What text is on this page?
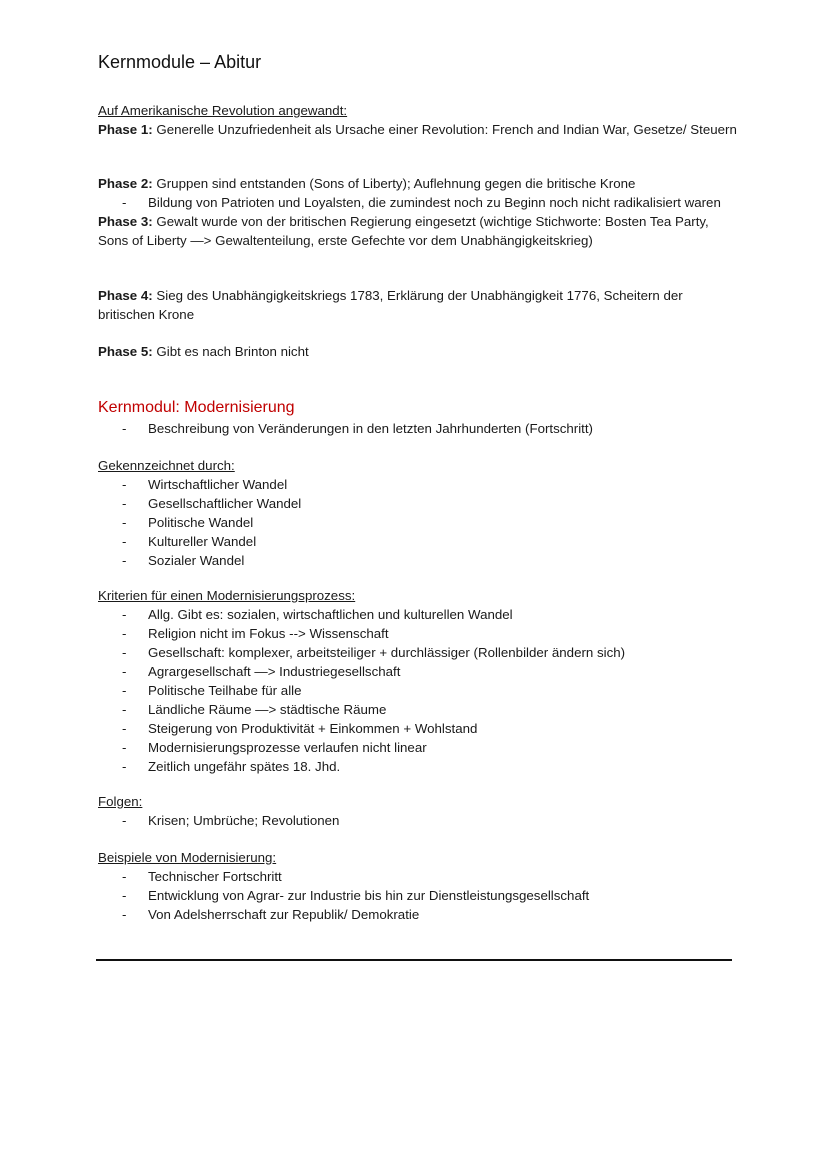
Kernmodule – Abitur
Auf Amerikanische Revolution angewandt:
Phase 1: Generelle Unzufriedenheit als Ursache einer Revolution: French and Indian War, Gesetze/ Steuern
Phase 2: Gruppen sind entstanden (Sons of Liberty); Auflehnung gegen die britische Krone
- Bildung von Patrioten und Loyalsten, die zumindest noch zu Beginn noch nicht radikalisiert waren
Phase 3: Gewalt wurde von der britischen Regierung eingesetzt (wichtige Stichworte: Bosten Tea Party, Sons of Liberty —> Gewaltenteilung, erste Gefechte vor dem Unabhängigkeitskrieg)
Phase 4: Sieg des Unabhängigkeitskriegs 1783, Erklärung der Unabhängigkeit 1776, Scheitern der britischen Krone
Phase 5: Gibt es nach Brinton nicht
Kernmodul: Modernisierung
- Beschreibung von Veränderungen in den letzten Jahrhunderten (Fortschritt)
Gekennzeichnet durch:
- Wirtschaftlicher Wandel
- Gesellschaftlicher Wandel
- Politische Wandel
- Kultureller Wandel
- Sozialer Wandel
Kriterien für einen Modernisierungsprozess:
- Allg. Gibt es: sozialen, wirtschaftlichen und kulturellen Wandel
- Religion nicht im Fokus --> Wissenschaft
- Gesellschaft: komplexer, arbeitsteiliger + durchlässiger (Rollenbilder ändern sich)
- Agrargesellschaft —> Industriegesellschaft
- Politische Teilhabe für alle
- Ländliche Räume —> städtische Räume
- Steigerung von Produktivität + Einkommen + Wohlstand
- Modernisierungsprozesse verlaufen nicht linear
- Zeitlich ungefähr spätes 18. Jhd.
Folgen:
- Krisen; Umbrüche; Revolutionen
Beispiele von Modernisierung:
- Technischer Fortschritt
- Entwicklung von Agrar- zur Industrie bis hin zur Dienstleistungsgesellschaft
- Von Adelsherrschaft zur Republik/ Demokratie
